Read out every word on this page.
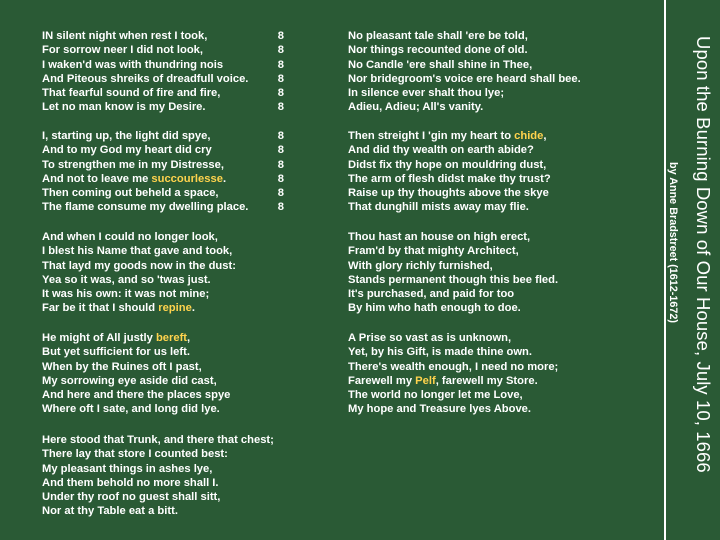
IN silent night when rest I took,
For sorrow neer I did not look,
I waken'd was with thundring nois
And Piteous shreiks of dreadfull voice.
That fearful sound of fire and fire,
Let no man know is my Desire.
8
8
8
8
8
8
I, starting up, the light did spye,
And to my God my heart did cry
To strengthen me in my Distresse,
And not to leave me succourlesse.
Then coming out beheld a space,
The flame consume my dwelling place.
8
8
8
8
8
8
And when I could no longer look,
I blest his Name that gave and took,
That layd my goods now in the dust:
Yea so it was, and so 'twas just.
It was his own: it was not mine;
Far be it that I should repine.
He might of All justly bereft,
But yet sufficient for us left.
When by the Ruines oft I past,
My sorrowing eye aside did cast,
And here and there the places spye
Where oft I sate, and long did lye.
Here stood that Trunk, and there that chest;
There lay that store I counted best:
My pleasant things in ashes lye,
And them behold no more shall I.
Under thy roof no guest shall sitt,
Nor at thy Table eat a bitt.
No pleasant tale shall 'ere be told,
Nor things recounted done of old.
No Candle 'ere shall shine in Thee,
Nor bridegroom's voice ere heard shall bee.
In silence ever shalt thou lye;
Adieu, Adieu; All's vanity.
Then streight I 'gin my heart to chide,
And did thy wealth on earth abide?
Didst fix thy hope on mouldring dust,
The arm of flesh didst make thy trust?
Raise up thy thoughts above the skye
That dunghill mists away may flie.
Thou hast an house on high erect,
Fram'd by that mighty Architect,
With glory richly furnished,
Stands permanent though this bee fled.
It's purchased, and paid for too
By him who hath enough to doe.
A Prise so vast as is unknown,
Yet, by his Gift, is made thine own.
There's wealth enough, I need no more;
Farewell my Pelf, farewell my Store.
The world no longer let me Love,
My hope and Treasure lyes Above.	Upon the Burning Down of Our House, July 10, 1666
by Anne Bradstreet (1612-1672)
